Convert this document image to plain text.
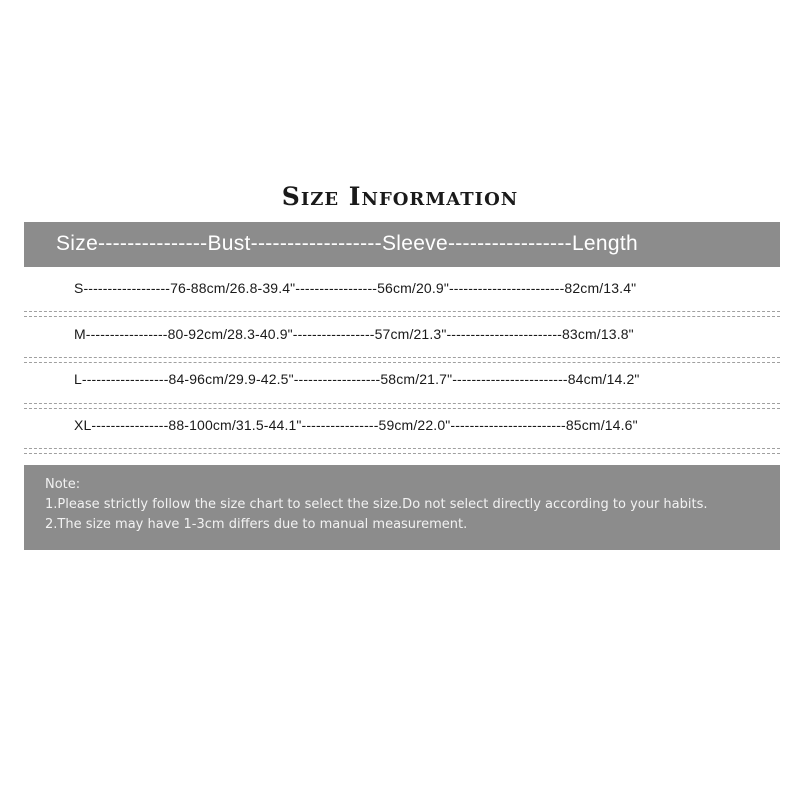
Size Information
Size---------------Bust------------------Sleeve-----------------Length
S------------------76-88cm/26.8-39.4"-----------------56cm/20.9"------------------------82cm/13.4"
M-----------------80-92cm/28.3-40.9"-----------------57cm/21.3"------------------------83cm/13.8"
L------------------84-96cm/29.9-42.5"------------------58cm/21.7"------------------------84cm/14.2"
XL----------------88-100cm/31.5-44.1"----------------59cm/22.0"------------------------85cm/14.6"
Note:
1.Please strictly follow the size chart to select the size.Do not select directly according to your habits.
2.The size may have 1-3cm differs due to manual measurement.
